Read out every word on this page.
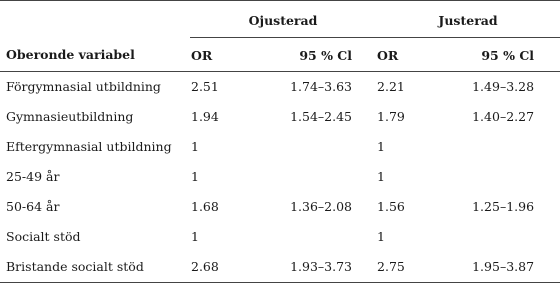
	Ojusterad		Justerad	
Oberonde variabel	OR	95 % Cl	OR	95 % Cl
Förgymnasial utbildning	2.51	1.74–3.63	2.21	1.49–3.28
Gymnasieutbildning	1.94	1.54–2.45	1.79	1.40–2.27
Eftergymnasial utbildning	1		1	
25-49 år	1		1	
50-64 år	1.68	1.36–2.08	1.56	1.25–1.96
Socialt stöd	1		1	
Bristande socialt stöd	2.68	1.93–3.73	2.75	1.95–3.87
